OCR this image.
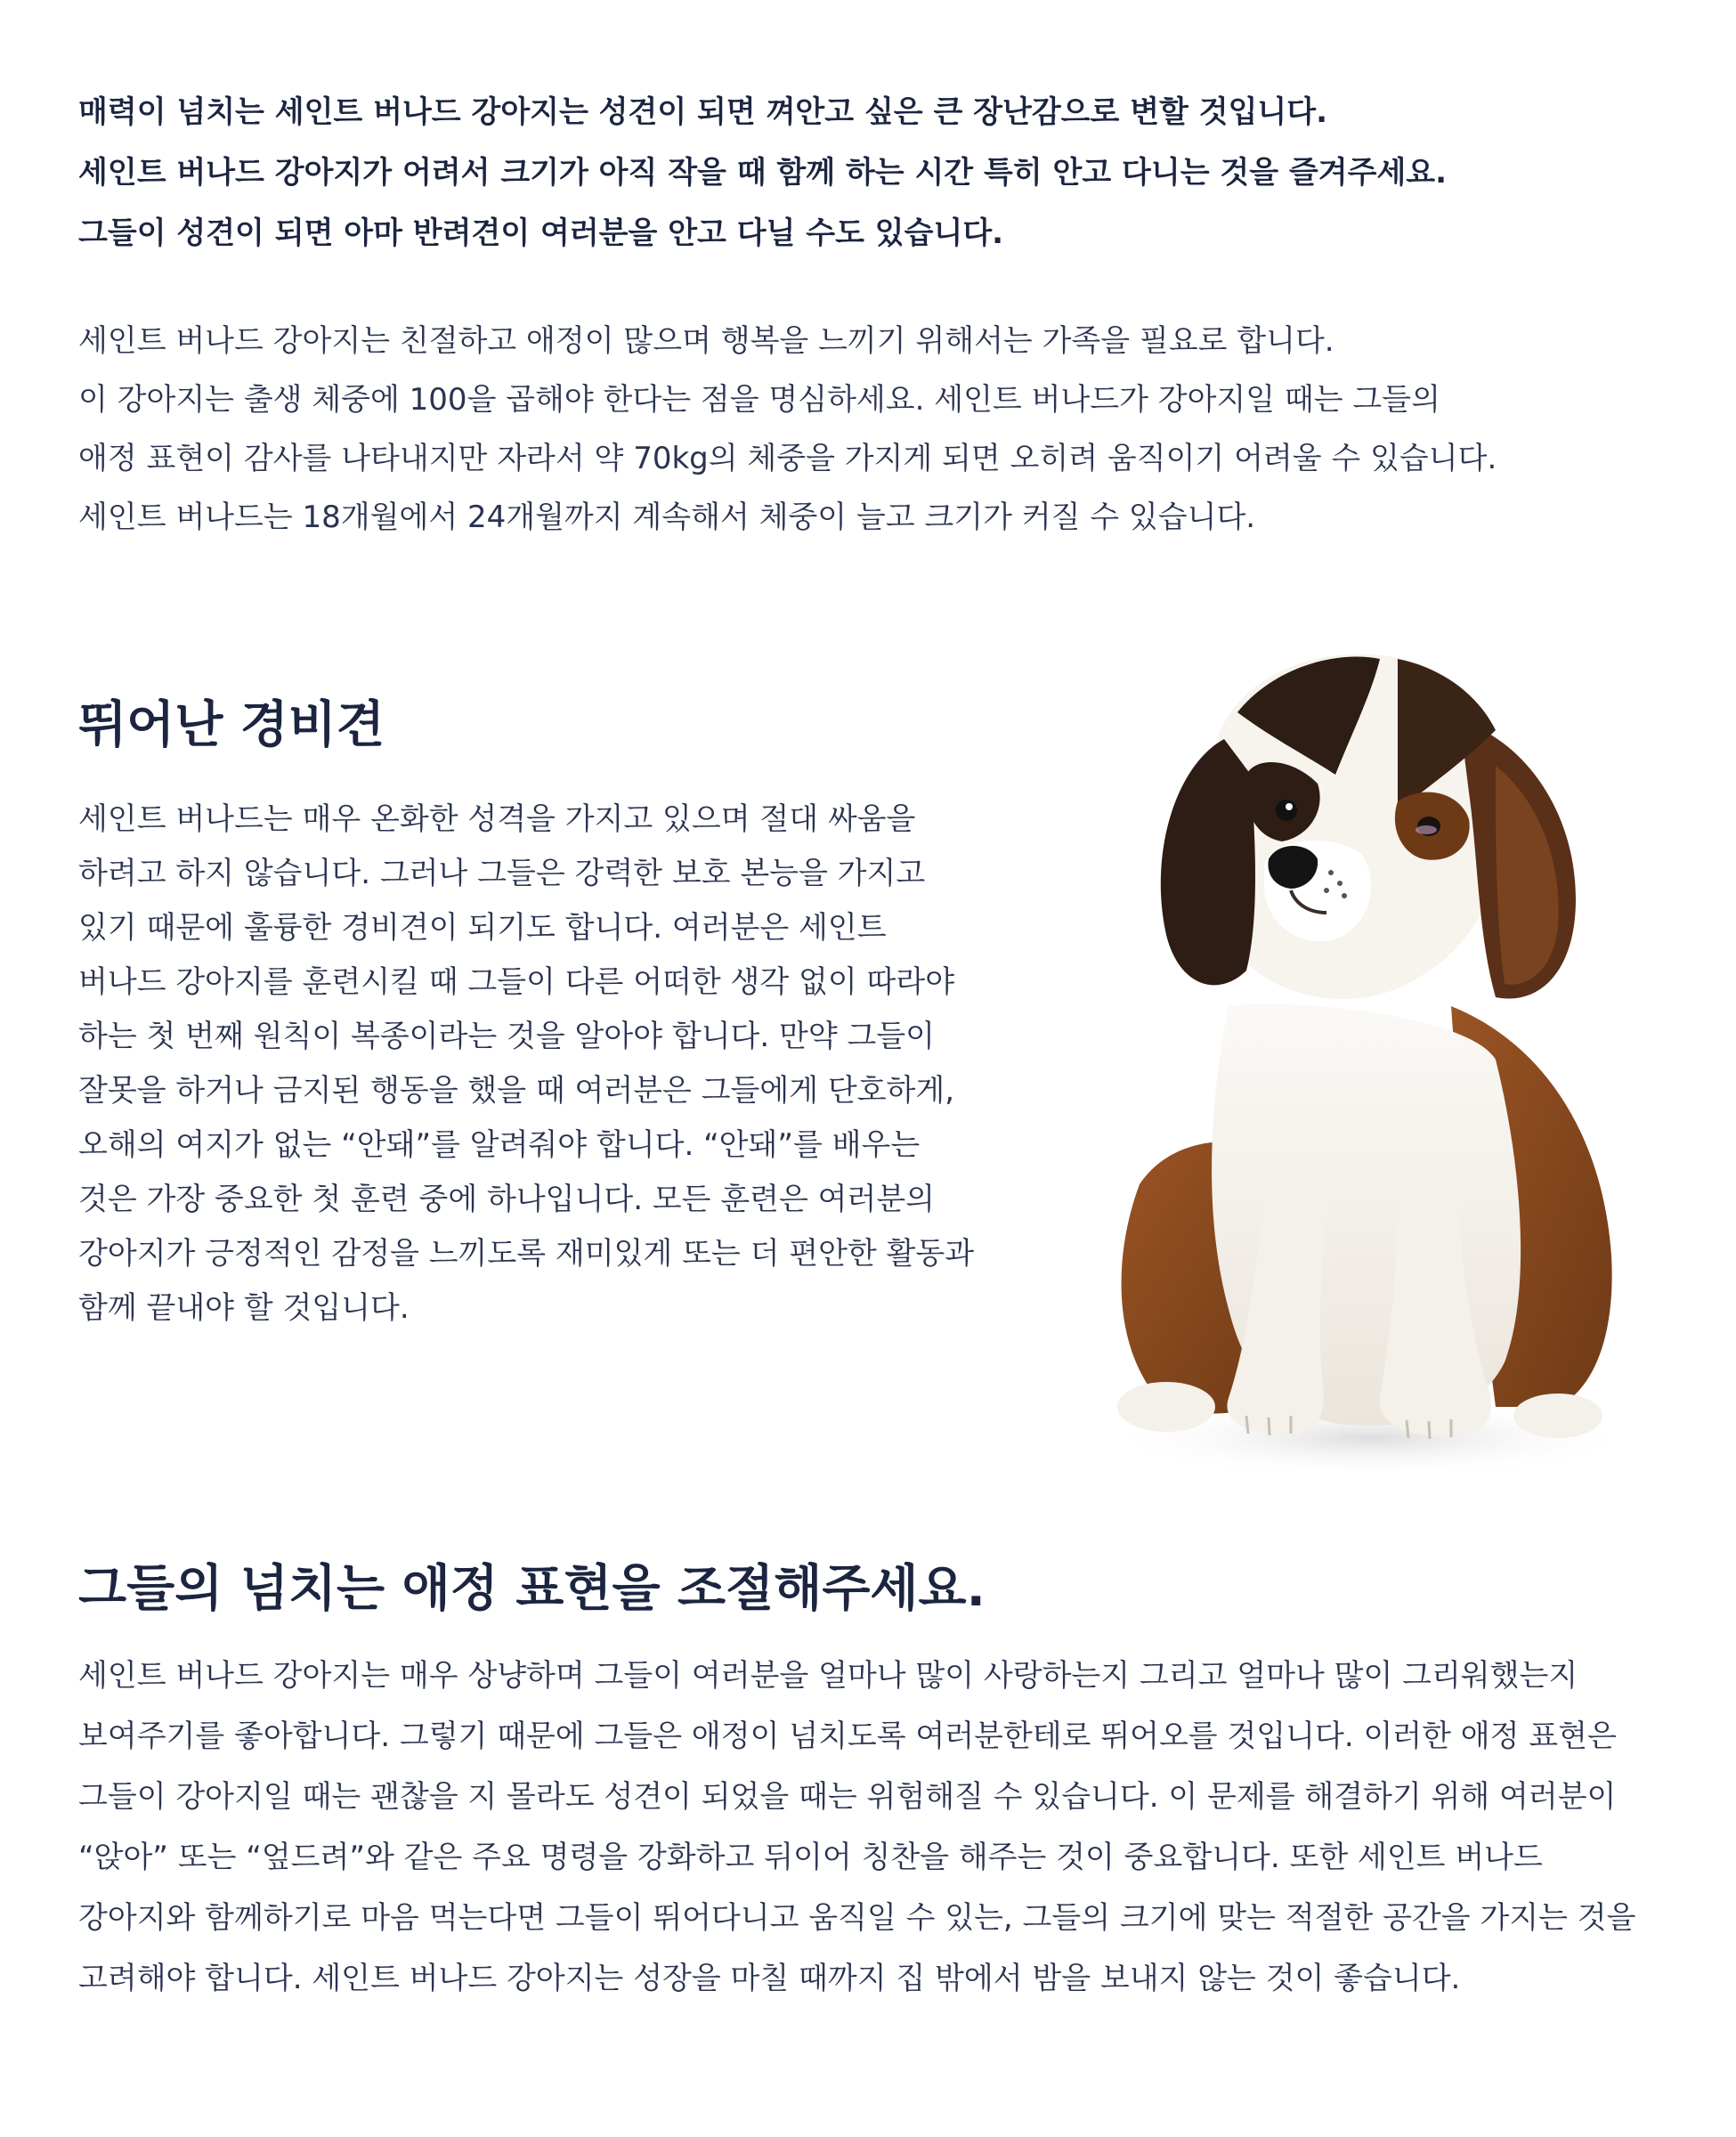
매력이 넘치는 세인트 버나드 강아지는 성견이 되면 껴안고 싶은 큰 장난감으로 변할 것입니다.

세인트 버나드 강아지가 어려서 크기가 아직 작을 때 함께 하는 시간 특히 안고 다니는 것을 즐겨주세요.

그들이 성견이 되면 아마 반려견이 여러분을 안고 다닐 수도 있습니다.

세인트 버나드 강아지는 친절하고 애정이 많으며 행복을 느끼기 위해서는 가족을 필요로 합니다.

이 강아지는 출생 체중에 100을 곱해야 한다는 점을 명심하세요. 세인트 버나드가 강아지일 때는 그들의

애정 표현이 감사를 나타내지만 자라서 약 70kg의 체중을 가지게 되면 오히려 움직이기 어려울 수 있습니다.

세인트 버나드는 18개월에서 24개월까지 계속해서 체중이 늘고 크기가 커질 수 있습니다.

뛰어난 경비견

세인트 버나드는 매우 온화한 성격을 가지고 있으며 절대 싸움을

하려고 하지 않습니다. 그러나 그들은 강력한 보호 본능을 가지고

있기 때문에 훌륭한 경비견이 되기도 합니다. 여러분은 세인트

버나드 강아지를 훈련시킬 때 그들이 다른 어떠한 생각 없이 따라야

하는 첫 번째 원칙이 복종이라는 것을 알아야 합니다. 만약 그들이

잘못을 하거나 금지된 행동을 했을 때 여러분은 그들에게 단호하게,

오해의 여지가 없는 “안돼”를 알려줘야 합니다. “안돼”를 배우는

것은 가장 중요한 첫 훈련 중에 하나입니다. 모든 훈련은 여러분의

강아지가 긍정적인 감정을 느끼도록 재미있게 또는 더 편안한 활동과

함께 끝내야 할 것입니다.

그들의 넘치는 애정 표현을 조절해주세요.

세인트 버나드 강아지는 매우 상냥하며 그들이 여러분을 얼마나 많이 사랑하는지 그리고 얼마나 많이 그리워했는지

보여주기를 좋아합니다. 그렇기 때문에 그들은 애정이 넘치도록 여러분한테로 뛰어오를 것입니다. 이러한 애정 표현은

그들이 강아지일 때는 괜찮을 지 몰라도 성견이 되었을 때는 위험해질 수 있습니다. 이 문제를 해결하기 위해 여러분이

“앉아” 또는 “엎드려”와 같은 주요 명령을 강화하고 뒤이어 칭찬을 해주는 것이 중요합니다. 또한 세인트 버나드

강아지와 함께하기로 마음 먹는다면 그들이 뛰어다니고 움직일 수 있는, 그들의 크기에 맞는 적절한 공간을 가지는 것을

고려해야 합니다. 세인트 버나드 강아지는 성장을 마칠 때까지 집 밖에서 밤을 보내지 않는 것이 좋습니다.
